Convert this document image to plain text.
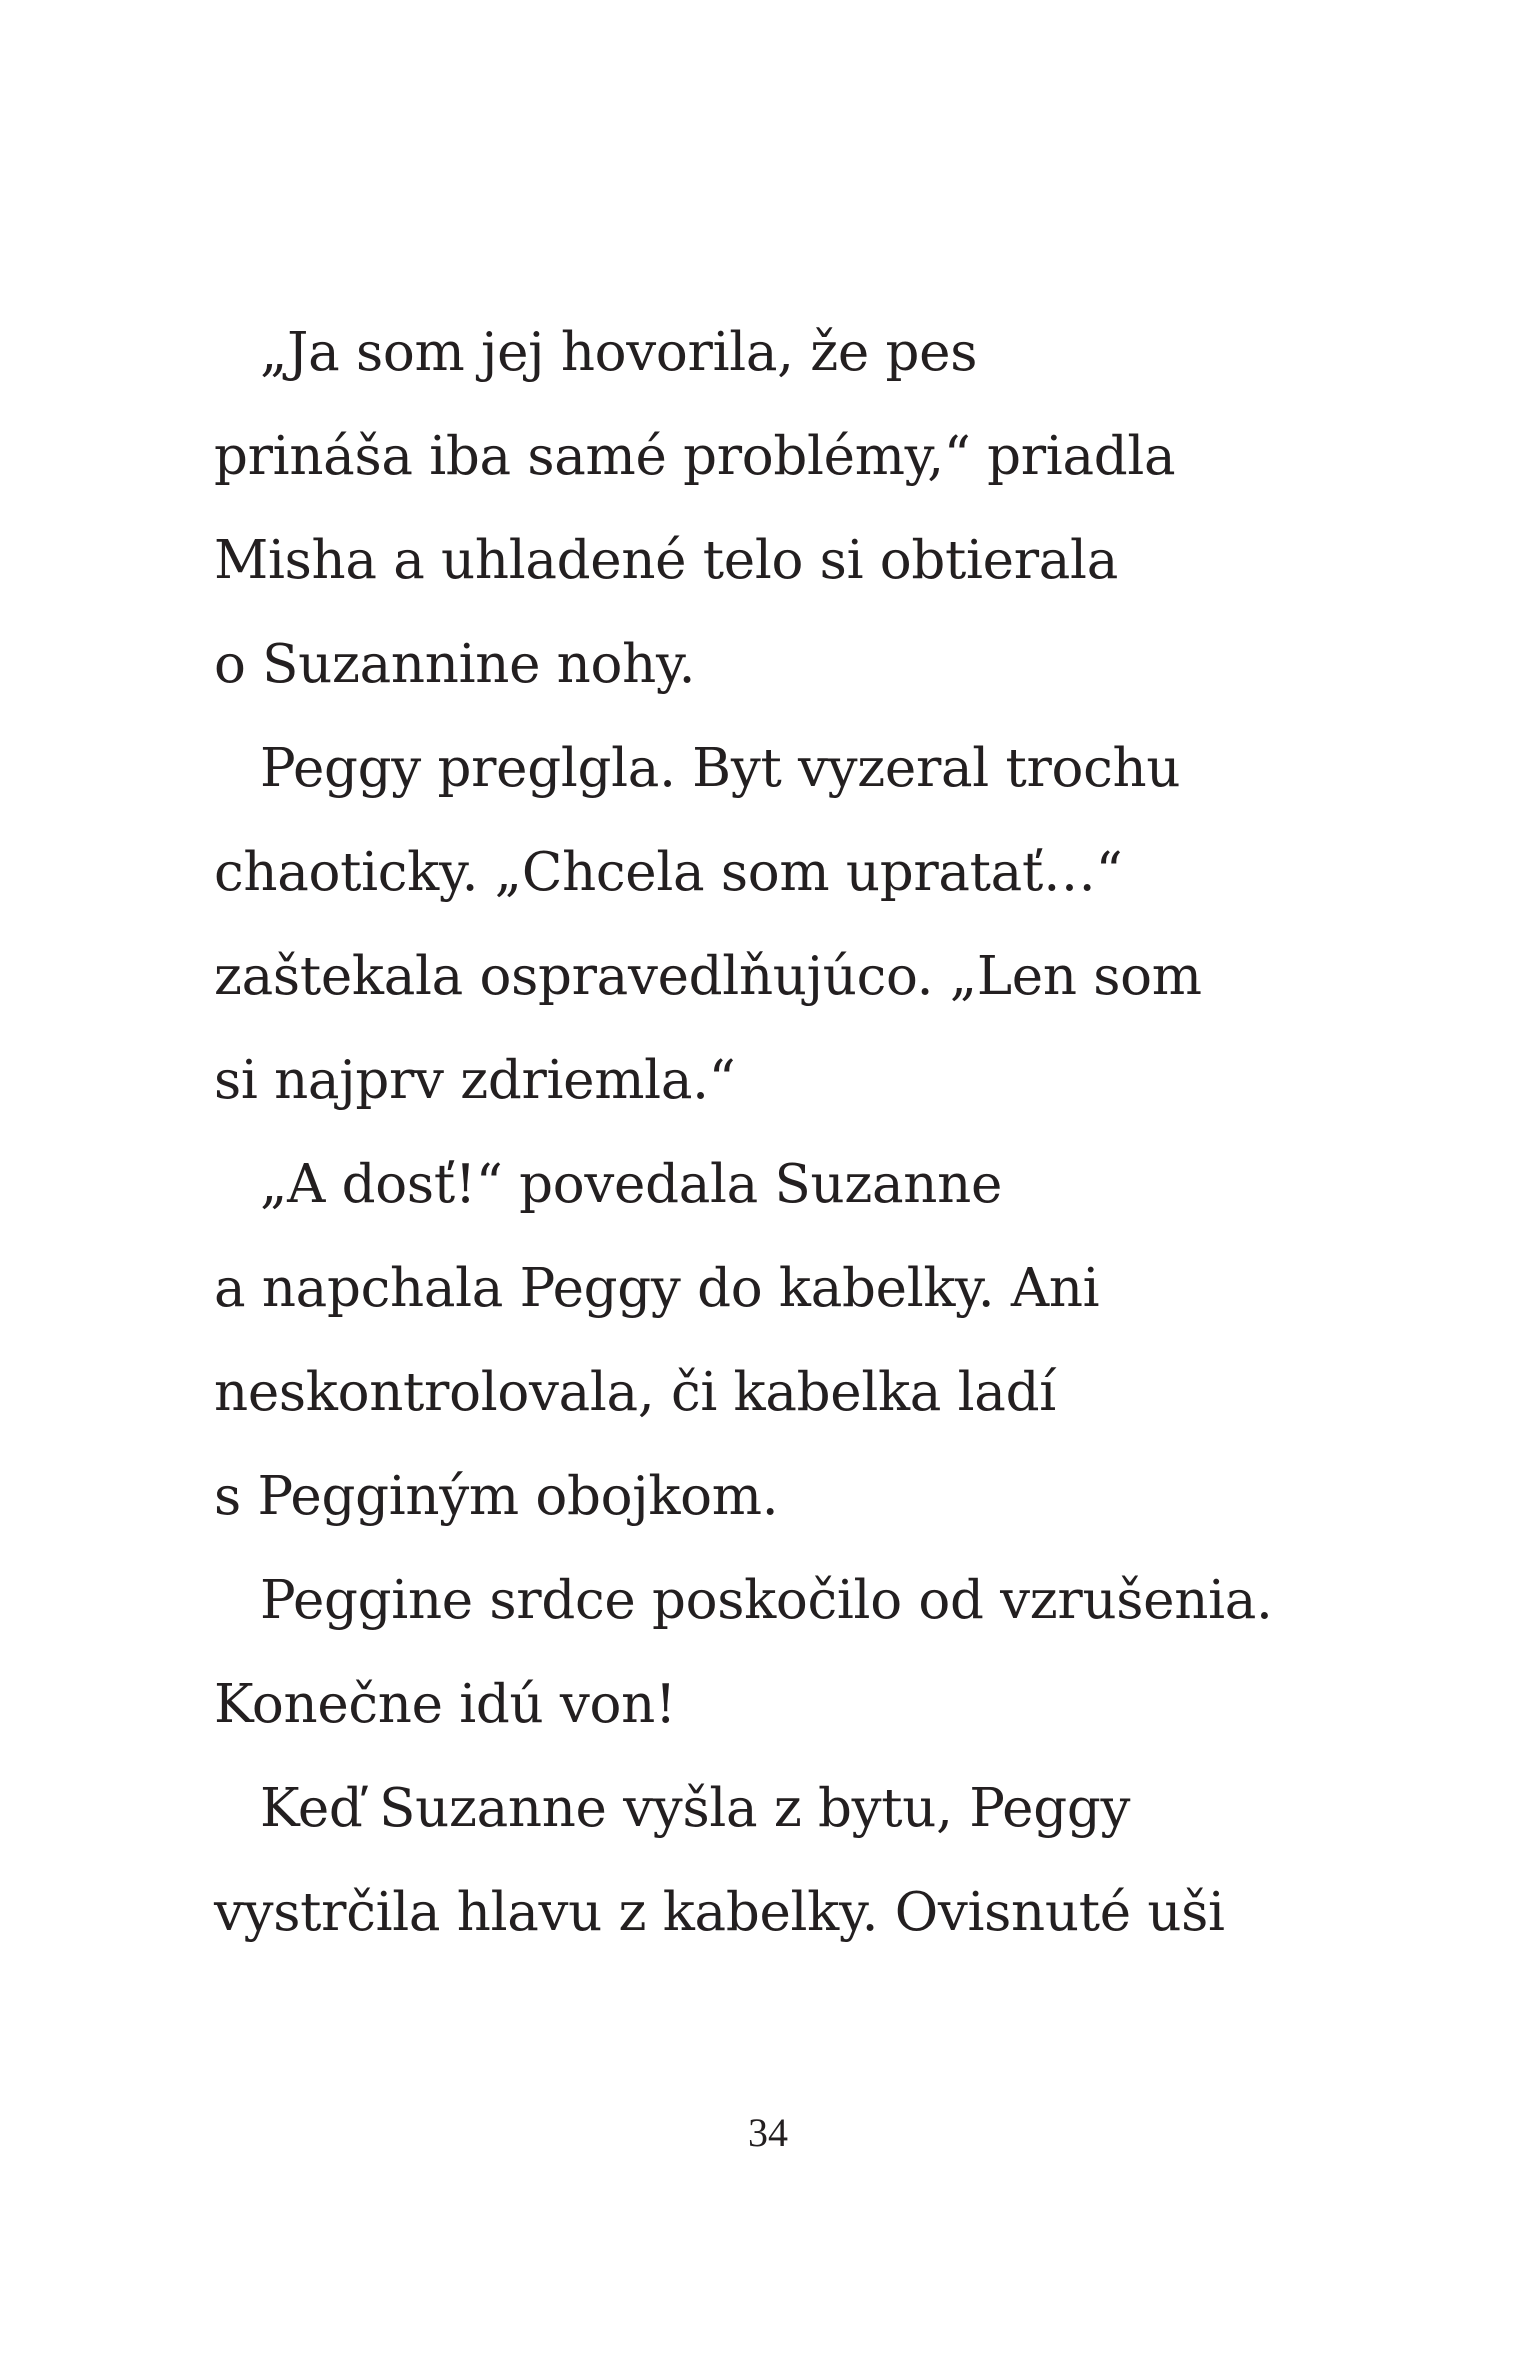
„Ja som jej hovorila, že pes
prináša iba samé problémy,“ priadla
Misha a uhladené telo si obtierala
o Suzannine nohy.
Peggy preglgla. Byt vyzeral trochu
chaoticky. „Chcela som upratať…“
zaštekala ospravedlňujúco. „Len som
si najprv zdriemla.“
„A dosť!“ povedala Suzanne
a napchala Peggy do kabelky. Ani
neskontrolovala, či kabelka ladí
s Pegginým obojkom.
Peggine srdce poskočilo od vzrušenia.
Konečne idú von!
Keď Suzanne vyšla z bytu, Peggy
vystrčila hlavu z kabelky. Ovisnuté uši
34
